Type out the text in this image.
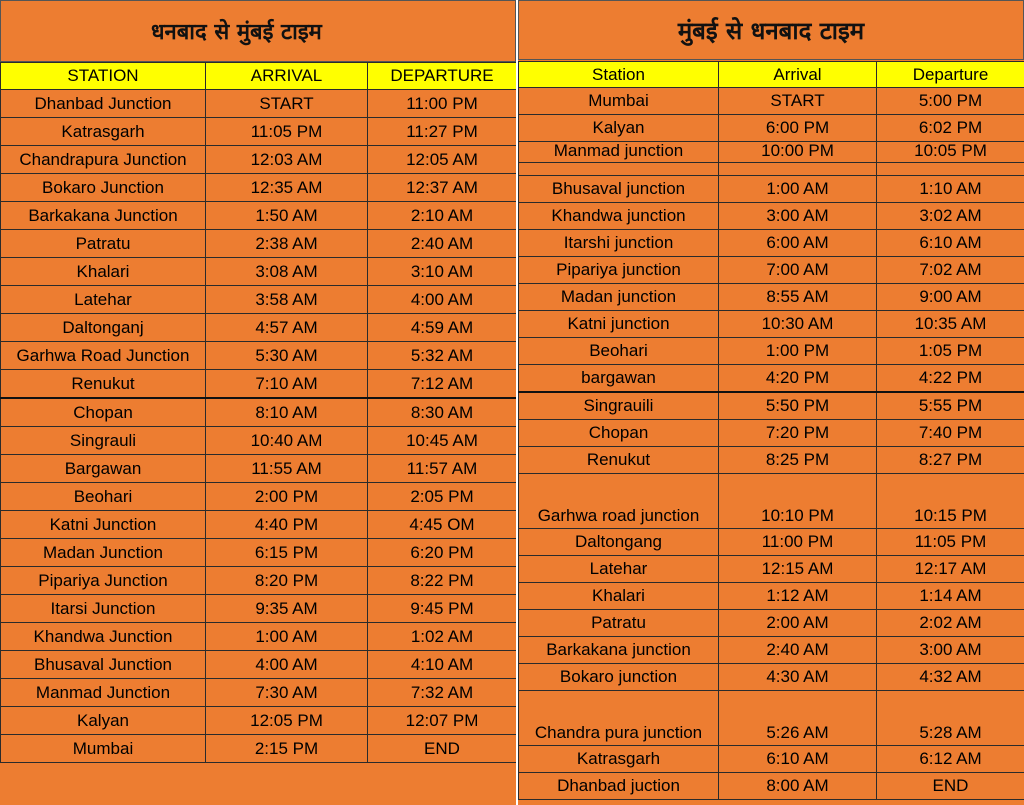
धनबाद से मुंबई टाइम
STATION	ARRIVAL	DEPARTURE
Dhanbad Junction	START	11:00 PM
Katrasgarh	11:05 PM	11:27 PM
Chandrapura Junction	12:03 AM	12:05 AM
Bokaro Junction	12:35 AM	12:37 AM
Barkakana Junction	1:50 AM	2:10 AM
Patratu	2:38 AM	2:40 AM
Khalari	3:08 AM	3:10 AM
Latehar	3:58 AM	4:00 AM
Daltonganj	4:57 AM	4:59 AM
Garhwa Road Junction	5:30 AM	5:32 AM
Renukut	7:10 AM	7:12 AM
Chopan	8:10 AM	8:30 AM
Singrauli	10:40 AM	10:45 AM
Bargawan	11:55 AM	11:57 AM
Beohari	2:00 PM	2:05 PM
Katni Junction	4:40 PM	4:45 OM
Madan Junction	6:15 PM	6:20 PM
Pipariya Junction	8:20 PM	8:22 PM
Itarsi Junction	9:35 AM	9:45 PM
Khandwa Junction	1:00 AM	1:02 AM
Bhusaval Junction	4:00 AM	4:10 AM
Manmad Junction	7:30 AM	7:32 AM
Kalyan	12:05 PM	12:07 PM
Mumbai	2:15 PM	END
मुंबई से धनबाद टाइम
Station	Arrival	Departure
Mumbai	START	5:00 PM
Kalyan	6:00 PM	6:02 PM
Manmad junction	10:00 PM	10:05 PM

Bhusaval junction	1:00 AM	1:10 AM
Khandwa junction	3:00 AM	3:02 AM
Itarshi junction	6:00 AM	6:10 AM
Pipariya junction	7:00 AM	7:02 AM
Madan junction	8:55 AM	9:00 AM
Katni junction	10:30 AM	10:35 AM
Beohari	1:00 PM	1:05 PM
bargawan	4:20 PM	4:22 PM
Singrauili	5:50 PM	5:55 PM
Chopan	7:20 PM	7:40 PM
Renukut	8:25 PM	8:27 PM
Garhwa road junction	10:10 PM	10:15 PM
Daltongang	11:00 PM	11:05 PM
Latehar	12:15 AM	12:17 AM
Khalari	1:12 AM	1:14 AM
Patratu	2:00 AM	2:02 AM
Barkakana junction	2:40 AM	3:00 AM
Bokaro junction	4:30 AM	4:32 AM
Chandra pura junction	5:26 AM	5:28 AM
Katrasgarh	6:10 AM	6:12 AM
Dhanbad juction	8:00 AM	END
